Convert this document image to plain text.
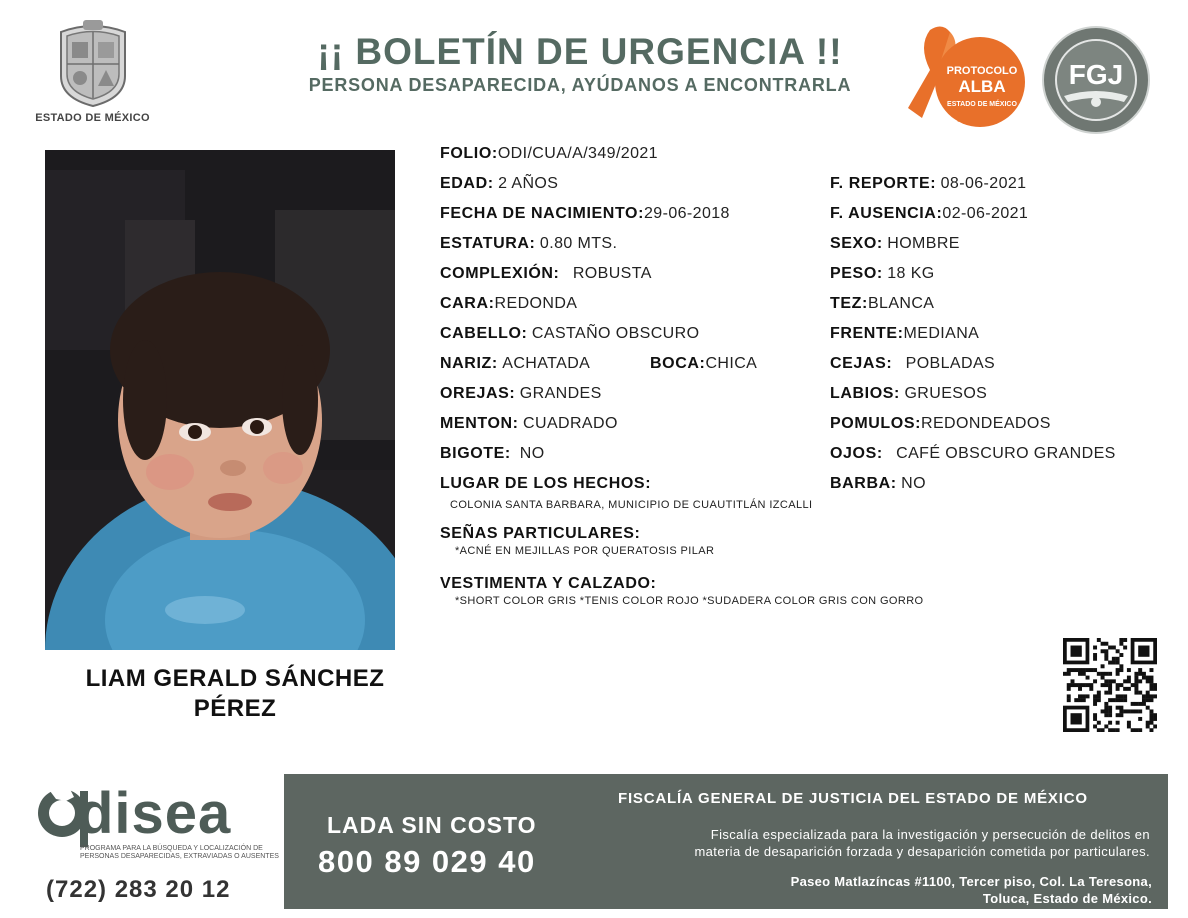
ESTADO DE MÉXICO
¡¡ BOLETÍN DE URGENCIA !!
PERSONA DESAPARECIDA, AYÚDANOS A ENCONTRARLA
PROTOCOLO
ALBA
ESTADO DE MÉXICO
FGJ
LIAM GERALD SÁNCHEZ
PÉREZ
FOLIO:ODI/CUA/A/349/2021
EDAD: 2 AÑOS
FECHA DE NACIMIENTO:29-06-2018
ESTATURA: 0.80 MTS.
COMPLEXIÓN: ROBUSTA
CARA:REDONDA
CABELLO: CASTAÑO OBSCURO
NARIZ: ACHATADA	BOCA:CHICA
OREJAS: GRANDES
MENTON: CUADRADO
BIGOTE: NO
LUGAR DE LOS HECHOS:
COLONIA SANTA BARBARA, MUNICIPIO DE CUAUTITLÁN IZCALLI
SEÑAS PARTICULARES:
*ACNÉ EN MEJILLAS POR QUERATOSIS PILAR
VESTIMENTA Y CALZADO:
*SHORT COLOR GRIS *TENIS COLOR ROJO *SUDADERA COLOR GRIS CON GORRO
F. REPORTE: 08-06-2021
F. AUSENCIA:02-06-2021
SEXO: HOMBRE
PESO: 18 KG
TEZ:BLANCA
FRENTE:MEDIANA
CEJAS: POBLADAS
LABIOS: GRUESOS
POMULOS:REDONDEADOS
OJOS: CAFÉ OBSCURO GRANDES
BARBA: NO
disea
PROGRAMA PARA LA BÚSQUEDA Y LOCALIZACIÓN DE PERSONAS DESAPARECIDAS, EXTRAVIADAS O AUSENTES
(722) 283 20 12
LADA SIN COSTO
800 89 029 40
FISCALÍA GENERAL DE JUSTICIA DEL ESTADO DE MÉXICO
Fiscalía especializada para la investigación y persecución de delitos en
materia de desaparición forzada y desaparición cometida por particulares.
Paseo Matlazíncas #1100, Tercer piso, Col. La Teresona,
Toluca, Estado de México.
